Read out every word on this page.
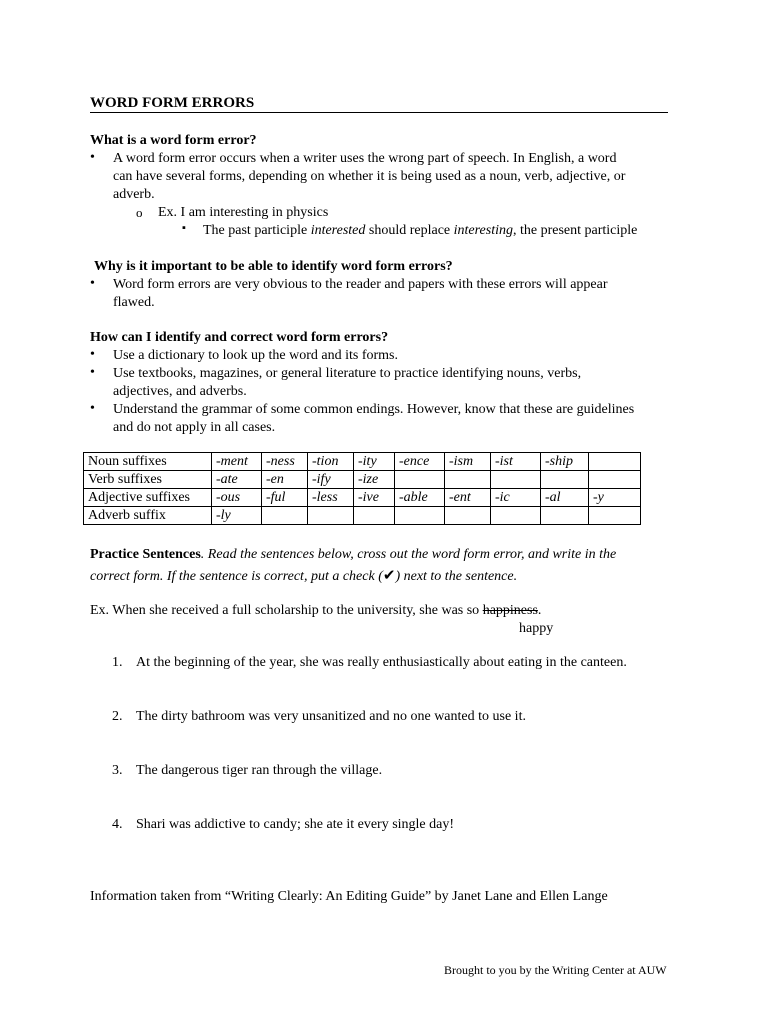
WORD FORM ERRORS
What is a word form error?
• A word form error occurs when a writer uses the wrong part of speech. In English, a word
can have several forms, depending on whether it is being used as a noun, verb, adjective, or
adverb.
o Ex. I am interesting in physics
▪ The past participle interested should replace interesting, the present participle
Why is it important to be able to identify word form errors?
• Word form errors are very obvious to the reader and papers with these errors will appear
flawed.
How can I identify and correct word form errors?
• Use a dictionary to look up the word and its forms.
• Use textbooks, magazines, or general literature to practice identifying nouns, verbs,
adjectives, and adverbs.
• Understand the grammar of some common endings. However, know that these are guidelines
and do not apply in all cases.
Noun suffixes	-ment	-ness	-tion	-ity	-ence	-ism	-ist	-ship	
Verb suffixes	-ate	-en	-ify	-ize					
Adjective suffixes	-ous	-ful	-less	-ive	-able	-ent	-ic	-al	-y
Adverb suffix	-ly								
Practice Sentences. Read the sentences below, cross out the word form error, and write in the
correct form. If the sentence is correct, put a check (✔) next to the sentence.
Ex. When she received a full scholarship to the university, she was so happiness.
happy
1. At the beginning of the year, she was really enthusiastically about eating in the canteen.
2. The dirty bathroom was very unsanitized and no one wanted to use it.
3. The dangerous tiger ran through the village.
4. Shari was addictive to candy; she ate it every single day!
Information taken from “Writing Clearly: An Editing Guide” by Janet Lane and Ellen Lange
Brought to you by the Writing Center at AUW
